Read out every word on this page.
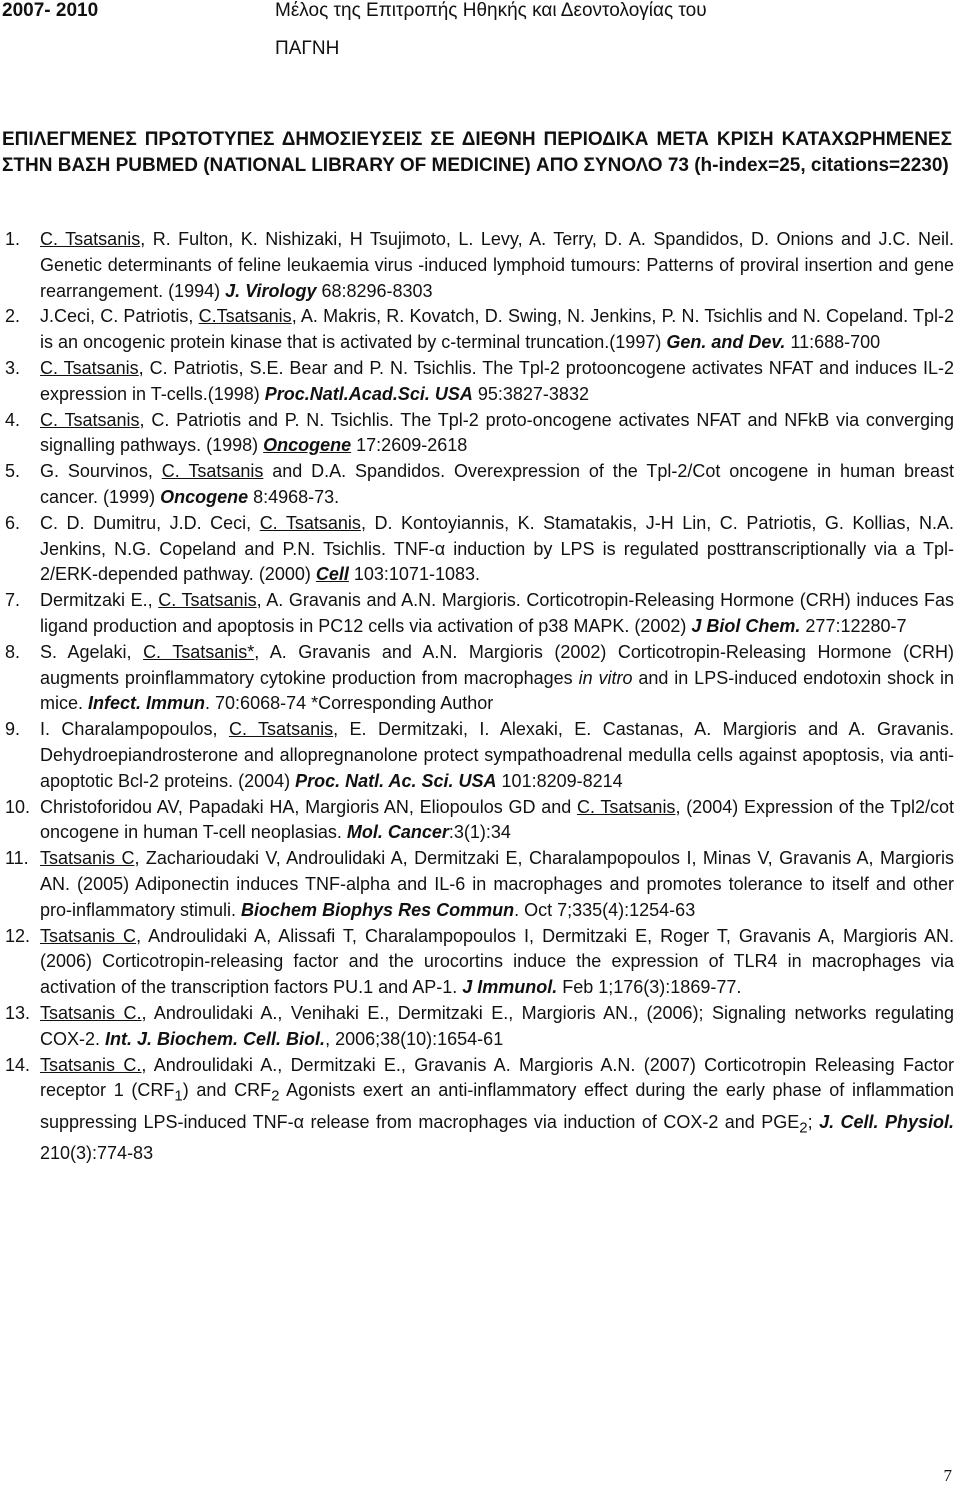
2007- 2010	Μέλος της Επιτροπής Ηθηκής και Δεοντολογίας του
ΠΑΓΝΗ
ΕΠΙΛΕΓΜΕΝΕΣ ΠΡΩΤΟΤΥΠΕΣ ΔΗΜΟΣΙΕΥΣΕΙΣ ΣΕ ΔΙΕΘΝΗ ΠΕΡΙΟΔΙΚΑ ΜΕΤΑ ΚΡΙΣΗ ΚΑΤΑΧΩΡΗΜΕΝΕΣ ΣΤΗΝ ΒΑΣΗ PUBMED (NATIONAL LIBRARY OF MEDICINE) ΑΠΟ ΣΥΝΟΛΟ 73 (h-index=25, citations=2230)
1. C. Tsatsanis, R. Fulton, K. Nishizaki, H Tsujimoto, L. Levy, A. Terry, D. A. Spandidos, D. Onions and J.C. Neil. Genetic determinants of feline leukaemia virus -induced lymphoid tumours: Patterns of proviral insertion and gene rearrangement. (1994) J. Virology 68:8296-8303
2. J.Ceci, C. Patriotis, C.Tsatsanis, A. Makris, R. Kovatch, D. Swing, N. Jenkins, P. N. Tsichlis and N. Copeland. Tpl-2 is an oncogenic protein kinase that is activated by c-terminal truncation.(1997) Gen. and Dev. 11:688-700
3. C. Tsatsanis, C. Patriotis, S.E. Bear and P. N. Tsichlis. The Tpl-2 protooncogene activates NFAT and induces IL-2 expression in T-cells.(1998) Proc.Natl.Acad.Sci. USA 95:3827-3832
4. C. Tsatsanis, C. Patriotis and P. N. Tsichlis. The Tpl-2 proto-oncogene activates NFAT and NFkB via converging signalling pathways. (1998) Oncogene 17:2609-2618
5. G. Sourvinos, C. Tsatsanis and D.A. Spandidos. Overexpression of the Tpl-2/Cot oncogene in human breast cancer. (1999) Oncogene 8:4968-73.
6. C. D. Dumitru, J.D. Ceci, C. Tsatsanis, D. Kontoyiannis, K. Stamatakis, J-H Lin, C. Patriotis, G. Kollias, N.A. Jenkins, N.G. Copeland and P.N. Tsichlis. TNF-α induction by LPS is regulated posttranscriptionally via a Tpl-2/ERK-depended pathway. (2000) Cell 103:1071-1083.
7. Dermitzaki E., C. Tsatsanis, A. Gravanis and A.N. Margioris. Corticotropin-Releasing Hormone (CRH) induces Fas ligand production and apoptosis in PC12 cells via activation of p38 MAPK. (2002) J Biol Chem. 277:12280-7
8. S. Agelaki, C. Tsatsanis*, A. Gravanis and A.N. Margioris (2002) Corticotropin-Releasing Hormone (CRH) augments proinflammatory cytokine production from macrophages in vitro and in LPS-induced endotoxin shock in mice. Infect. Immun. 70:6068-74 *Corresponding Author
9. I. Charalampopoulos, C. Tsatsanis, E. Dermitzaki, I. Alexaki, E. Castanas, A. Margioris and A. Gravanis. Dehydroepiandrosterone and allopregnanolone protect sympathoadrenal medulla cells against apoptosis, via anti-apoptotic Bcl-2 proteins. (2004) Proc. Natl. Ac. Sci. USA 101:8209-8214
10. Christoforidou AV, Papadaki HA, Margioris AN, Eliopoulos GD and C. Tsatsanis, (2004) Expression of the Tpl2/cot oncogene in human T-cell neoplasias. Mol. Cancer:3(1):34
11. Tsatsanis C, Zacharioudaki V, Androulidaki A, Dermitzaki E, Charalampopoulos I, Minas V, Gravanis A, Margioris AN. (2005) Adiponectin induces TNF-alpha and IL-6 in macrophages and promotes tolerance to itself and other pro-inflammatory stimuli. Biochem Biophys Res Commun. Oct 7;335(4):1254-63
12. Tsatsanis C, Androulidaki A, Alissafi T, Charalampopoulos I, Dermitzaki E, Roger T, Gravanis A, Margioris AN. (2006) Corticotropin-releasing factor and the urocortins induce the expression of TLR4 in macrophages via activation of the transcription factors PU.1 and AP-1. J Immunol. Feb 1;176(3):1869-77.
13. Tsatsanis C., Androulidaki A., Venihaki E., Dermitzaki E., Margioris AN., (2006); Signaling networks regulating COX-2. Int. J. Biochem. Cell. Biol., 2006;38(10):1654-61
14. Tsatsanis C., Androulidaki A., Dermitzaki E., Gravanis A. Margioris A.N. (2007) Corticotropin Releasing Factor receptor 1 $(CRF_1)$ and $CRF_2$ Agonists exert an anti-inflammatory effect during the early phase of inflammation suppressing LPS-induced TNF-α release from macrophages via induction of COX-2 and $PGE_2$; J. Cell. Physiol. 210(3):774-83
7
